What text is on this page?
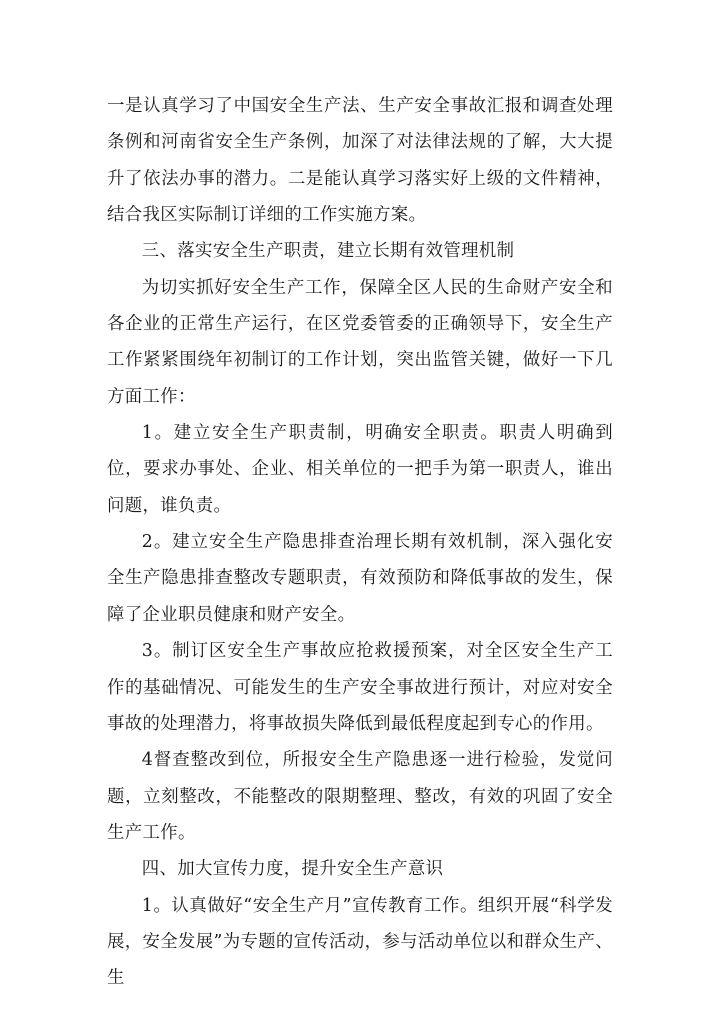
一是认真学习了中国安全生产法、生产安全事故汇报和调查处理条例和河南省安全生产条例，加深了对法律法规的了解，大大提升了依法办事的潜力。二是能认真学习落实好上级的文件精神，结合我区实际制订详细的工作实施方案。

三、落实安全生产职责，建立长期有效管理机制

为切实抓好安全生产工作，保障全区人民的生命财产安全和各企业的正常生产运行，在区党委管委的正确领导下，安全生产工作紧紧围绕年初制订的工作计划，突出监管关键，做好一下几方面工作：

1。建立安全生产职责制，明确安全职责。职责人明确到位，要求办事处、企业、相关单位的一把手为第一职责人，谁出问题，谁负责。

2。建立安全生产隐患排查治理长期有效机制，深入强化安全生产隐患排查整改专题职责，有效预防和降低事故的发生，保障了企业职员健康和财产安全。

3。制订区安全生产事故应抢救援预案，对全区安全生产工作的基础情况、可能发生的生产安全事故进行预计，对应对安全事故的处理潜力，将事故损失降低到最低程度起到专心的作用。

4督查整改到位，所报安全生产隐患逐一进行检验，发觉问题，立刻整改，不能整改的限期整理、整改，有效的巩固了安全生产工作。

四、加大宣传力度，提升安全生产意识

1。认真做好“安全生产月”宣传教育工作。组织开展“科学发展，安全发展”为专题的宣传活动，参与活动单位以和群众生产、生
